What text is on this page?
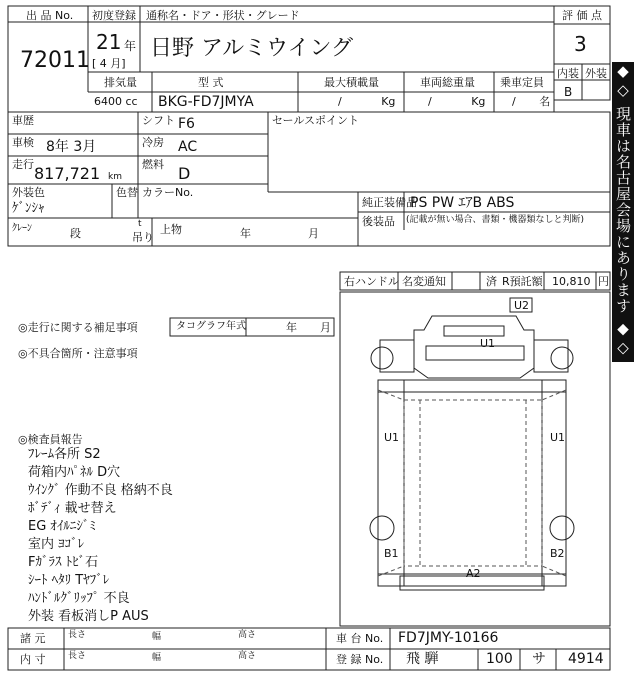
出 品 No.
72011
初度登録
21 年
[ 4 月]
通称名・ドア・形状・グレード
日野 アルミウイング
評 価 点
3
内装 外装
B
排気量
6400 cc
型 式
BKG-FD7JMYA
最大積載量
/ Kg
車両総重量
/ Kg
乗車定員
/ 名
車歴
車検 8年 3月
走行 817,721 km
シフト F6
冷房 AC
燃料 D
外装色
ｹﾞﾝｼｬ
色替 カラーNo.
セールスポイント
純正装備品
PS PW ｴｱB ABS
後装品 (記載が無い場合、書類・機器類なしと判断)
ｸﾚｰﾝ	段
t
吊り
上物	年	月
右ハンドル 名変通知	済 R預託額 10,810 円
◎走行に関する補足事項	タコグラフ年式	年 月
◎不具合箇所・注意事項
◎検査員報告
ﾌﾚｰﾑ各所 S2
荷箱内ﾊﾟﾈﾙ D穴
ｳｲﾝｸﾞ 作動不良 格納不良
ﾎﾞﾃﾞｨ 載せ替え
EG ｵｲﾙﾆｼﾞﾐ
室内 ﾖｺﾞﾚ
Fｶﾞﾗｽ ﾄﾋﾞ石
ｼｰﾄ ﾍﾀﾘ Tﾔﾌﾞﾚ
ﾊﾝﾄﾞﾙｸﾞﾘｯﾌﾟ 不良
外装 看板消しP AUS
U2
U1
U1	U1
B1	B2
A2
諸 元	長さ	幅	高さ
内 寸	長さ	幅	高さ
車 台 No. FD7JMY-10166
登 録 No. 飛 騨	100 サ 4914
◆◇ 現車は名古屋会場にあります ◆◇
